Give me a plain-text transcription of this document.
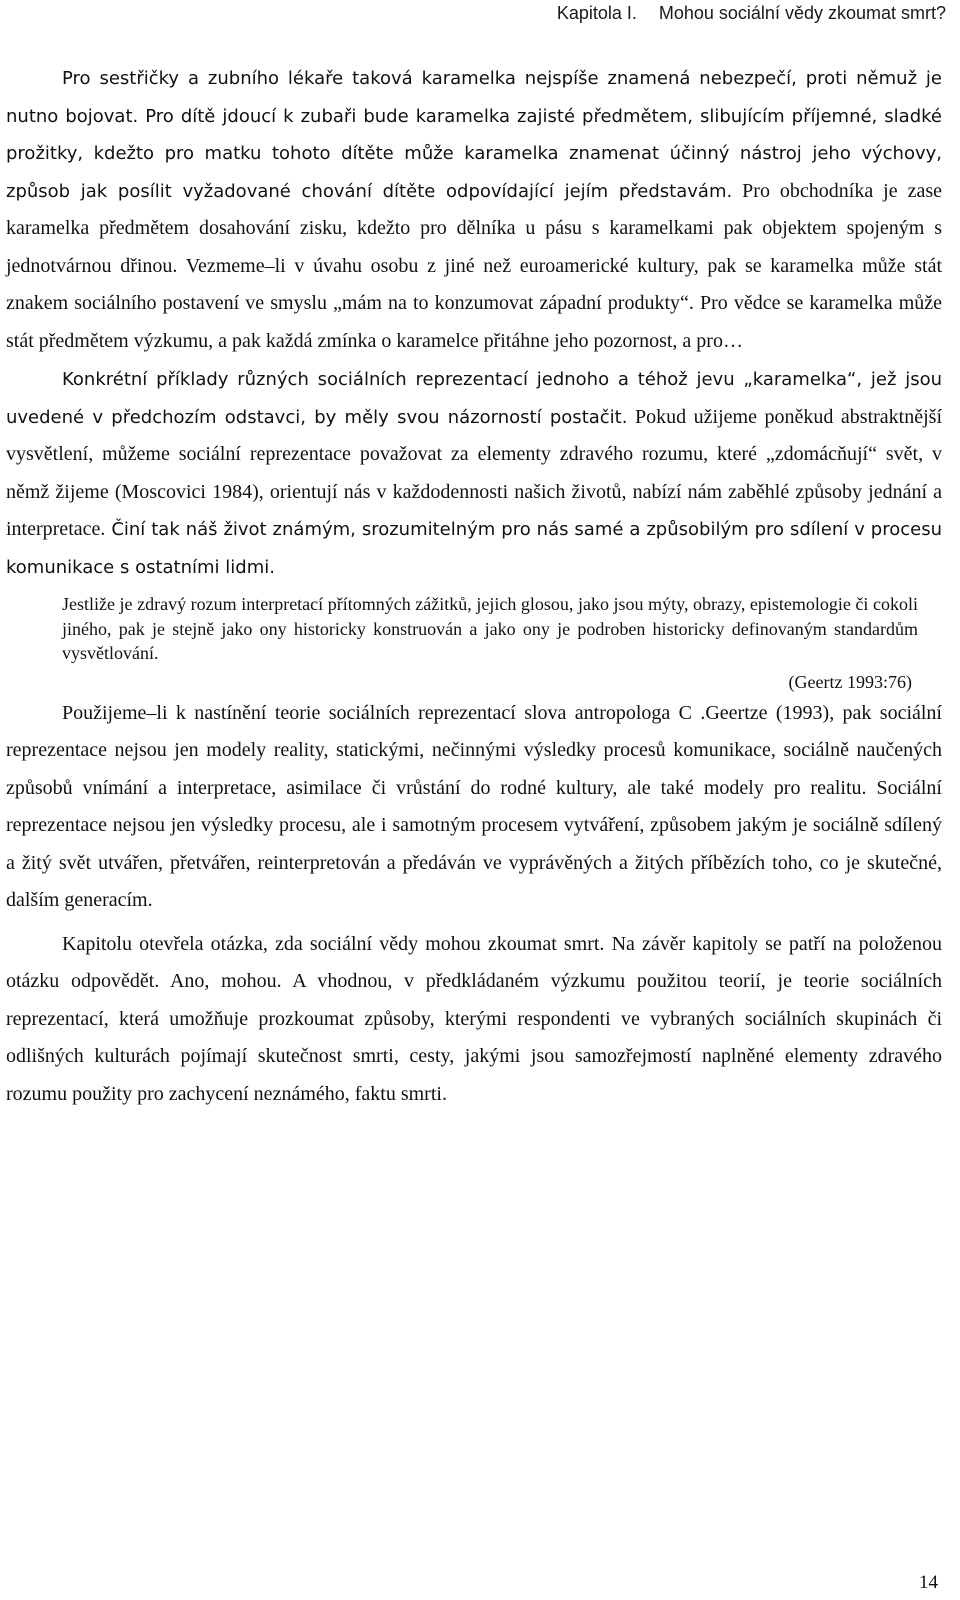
Kapitola I. Mohou sociální vědy zkoumat smrt?

Pro sestřičky a zubního lékaře taková karamelka nejspíše znamená nebezpečí, proti němuž je nutno bojovat. Pro dítě jdoucí k zubaři bude karamelka zajisté předmětem, slibujícím příjemné, sladké prožitky, kdežto pro matku tohoto dítěte může karamelka znamenat účinný nástroj jeho výchovy, způsob jak posílit vyžadované chování dítěte odpovídající jejím představám. Pro obchodníka je zase karamelka předmětem dosahování zisku, kdežto pro dělníka u pásu s karamelkami pak objektem spojeným s jednotvárnou dřinou. Vezmeme–li v úvahu osobu z jiné než euroamerické kultury, pak se karamelka může stát znakem sociálního postavení ve smyslu „mám na to konzumovat západní produkty“. Pro vědce se karamelka může stát předmětem výzkumu, a pak každá zmínka o karamelce přitáhne jeho pozornost, a pro…

Konkrétní příklady různých sociálních reprezentací jednoho a téhož jevu „karamelka“, jež jsou uvedené v předchozím odstavci, by měly svou názorností postačit. Pokud užijeme poněkud abstraktnější vysvětlení, můžeme sociální reprezentace považovat za elementy zdravého rozumu, které „zdomácňují“ svět, v němž žijeme (Moscovici 1984), orientují nás v každodennosti našich životů, nabízí nám zaběhlé způsoby jednání a interpretace. Činí tak náš život známým, srozumitelným pro nás samé a způsobilým pro sdílení v procesu komunikace s ostatními lidmi.

Jestliže je zdravý rozum interpretací přítomných zážitků, jejich glosou, jako jsou mýty, obrazy, epistemologie či cokoli jiného, pak je stejně jako ony historicky konstruován a jako ony je podroben historicky definovaným standardům vysvětlování.
(Geertz 1993:76)

Použijeme–li k nastínění teorie sociálních reprezentací slova antropologa C .Geertze (1993), pak sociální reprezentace nejsou jen modely reality, statickými, nečinnými výsledky procesů komunikace, sociálně naučených způsobů vnímání a interpretace, asimilace či vrůstání do rodné kultury, ale také modely pro realitu. Sociální reprezentace nejsou jen výsledky procesu, ale i samotným procesem vytváření, způsobem jakým je sociálně sdílený a žitý svět utvářen, přetvářen, reinterpretován a předáván ve vyprávěných a žitých příbězích toho, co je skutečné, dalším generacím.

Kapitolu otevřela otázka, zda sociální vědy mohou zkoumat smrt. Na závěr kapitoly se patří na položenou otázku odpovědět. Ano, mohou. A vhodnou, v předkládaném výzkumu použitou teorií, je teorie sociálních reprezentací, která umožňuje prozkoumat způsoby, kterými respondenti ve vybraných sociálních skupinách či odlišných kulturách pojímají skutečnost smrti, cesty, jakými jsou samozřejmostí naplněné elementy zdravého rozumu použity pro zachycení neznámého, faktu smrti.

14
